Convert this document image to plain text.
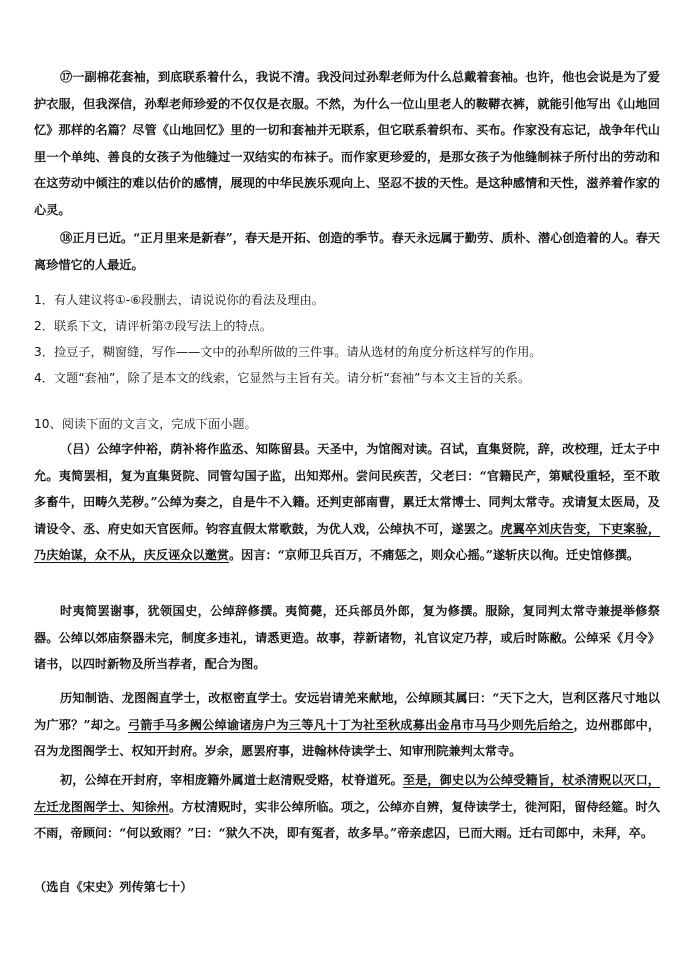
⑰一副棉花套袖，到底联系着什么，我说不清。我没问过孙犁老师为什么总戴着套袖。也许，他也会说是为了爱护衣服，但我深信，孙犁老师珍爱的不仅仅是衣服。不然，为什么一位山里老人的鞍鞯衣裤，就能引他写出《山地回忆》那样的名篇？尽管《山地回忆》里的一切和套袖并无联系，但它联系着织布、买布。作家没有忘记，战争年代山里一个单纯、善良的女孩子为他缝过一双结实的布袜子。而作家更珍爱的，是那女孩子为他缝制袜子所付出的劳动和在这劳动中倾注的难以估价的感情，展现的中华民族乐观向上、坚忍不拔的天性。是这种感情和天性，滋养着作家的心灵。

⑱正月已近。“正月里来是新春”，春天是开拓、创造的季节。春天永远属于勤劳、质朴、潜心创造着的人。春天离珍惜它的人最近。

1．有人建议将①-⑥段删去，请说说你的看法及理由。

2．联系下文，请评析第⑦段写法上的特点。

3．捡豆子，糊窗缝，写作——文中的孙犁所做的三件事。请从选材的角度分析这样写的作用。

4．文题“套袖”，除了是本文的线索，它显然与主旨有关。请分析“套袖”与本文主旨的关系。

10、阅读下面的文言文，完成下面小题。

（吕）公绰字仲裕，荫补将作监丞、知陈留县。天圣中，为馆阁对读。召试，直集贤院，辞，改校理，迁太子中允。夷简罢相，复为直集贤院、同管勾国子监，出知郑州。尝问民疾苦，父老曰：“官籍民产，第赋役重轻，至不敢多畜牛，田畴久芜秽。”公绰为奏之，自是牛不入籍。还判吏部南曹，累迁太常博士、同判太常寺。戎请复太医局，及请设令、丞、府史如天官医师。钧容直假太常歌鼓，为优人戏，公绰执不可，遂罢之。虎翼卒刘庆告变，下吏案验，乃庆始谋，众不从，庆反诬众以邀赏。因言：“京师卫兵百万，不痛惩之，则众心摇。”遂斩庆以徇。迁史馆修撰。

时夷简罢谢事，犹领国史，公绰辞修撰。夷简薨，还兵部员外郎，复为修撰。服除，复同判太常寺兼提举修祭器。公绰以郊庙祭器未完，制度多违礼，请悉更造。故事，荐新诸物，礼官议定乃荐，或后时陈敝。公绰采《月令》诸书，以四时新物及所当荐者，配合为图。

历知制诰、龙图阁直学士，改枢密直学士。安远岩请羌来献地，公绰顾其属曰：“天下之大，岂利区落尺寸地以为广邪？”却之。弓箭手马多阙公绰谕诸房户为三等凡十丁为社至秋成募出金帛市马马少则先后给之，边州郡郎中，召为龙图阁学士、权知开封府。岁余，愿罢府事，进翰林侍读学士、知审刑院兼判太常寺。

初，公绰在开封府，宰相庞籍外属道士赵清贶受赂，杖脊道死。至是，御史以为公绰受籍旨，杖杀清贶以灭口，左迁龙图阁学士、知徐州。方杖清贶时，实非公绰所临。项之，公绰亦自辨，复侍读学士，徙河阳，留侍经筵。时久不雨，帝顾问：“何以致雨？”曰：“狱久不决，即有冤者，故多旱。”帝亲虑囚，已而大雨。迁右司郎中，未拜，卒。

（选自《宋史》列传第七十）
